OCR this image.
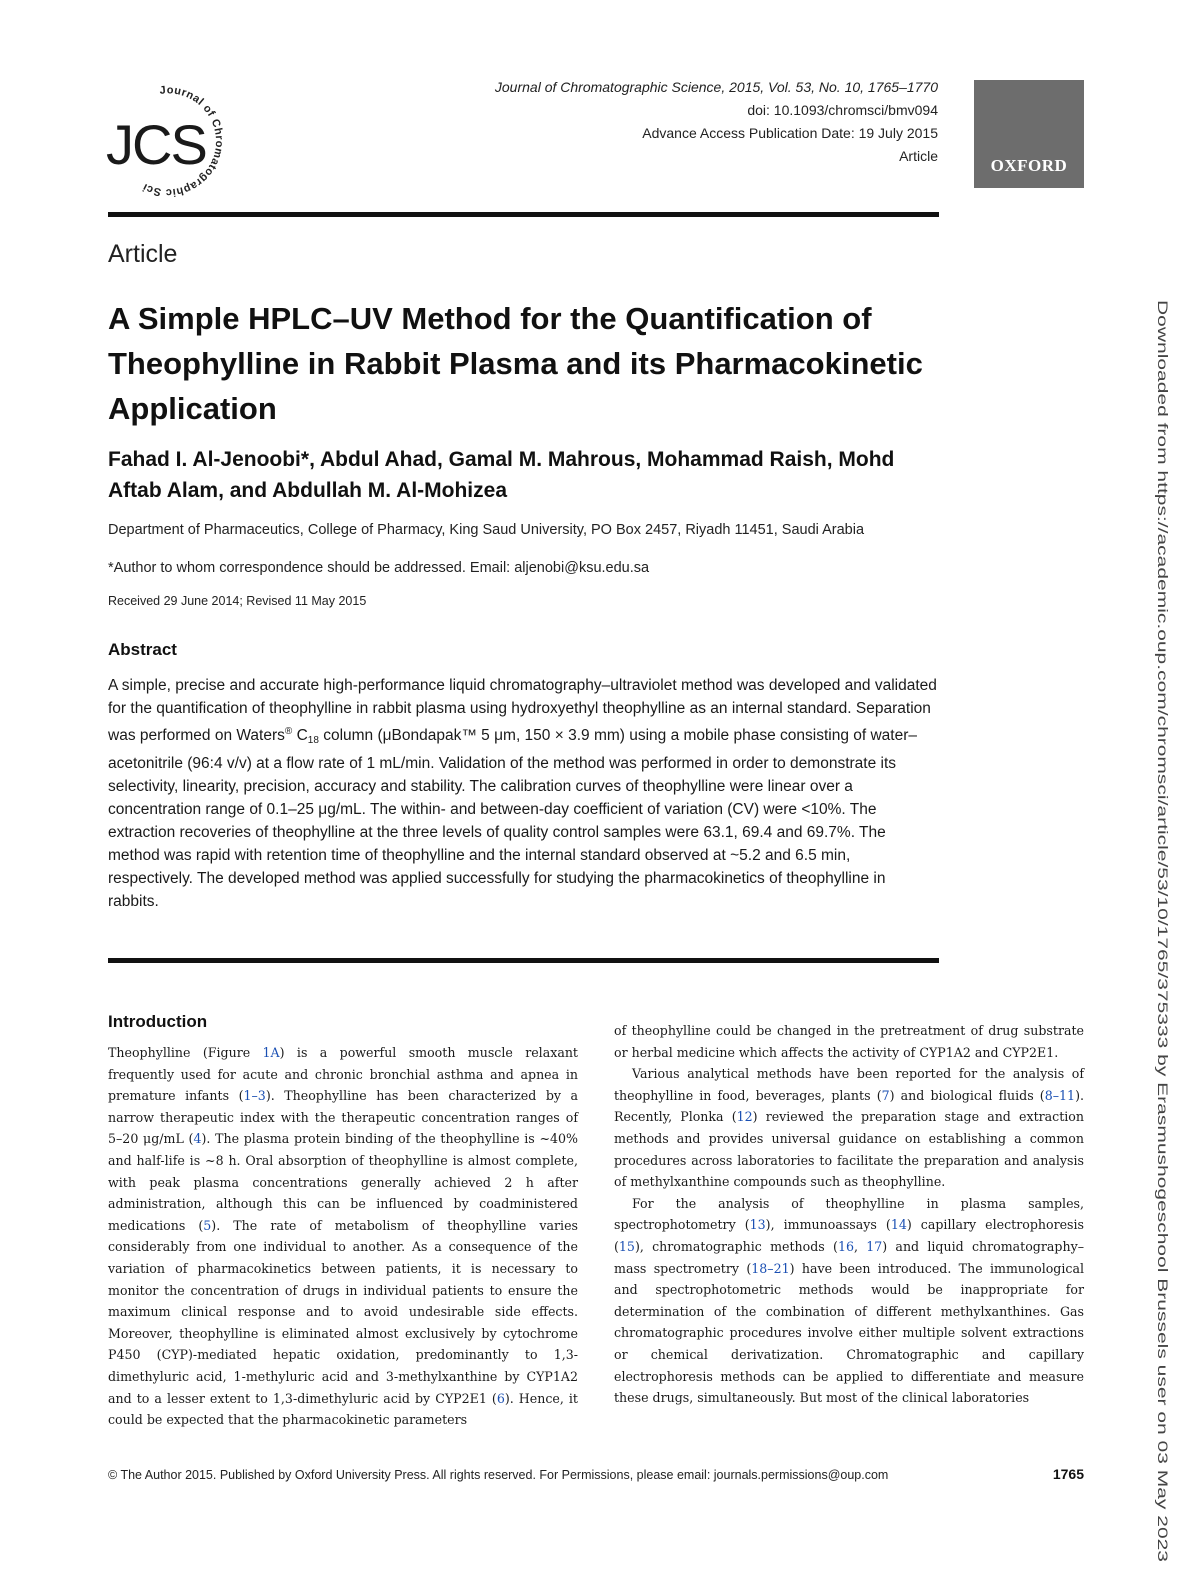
Journal of Chromatographic Sci
JCS
Journal of Chromatographic Science, 2015, Vol. 53, No. 10, 1765–1770
doi: 10.1093/chromsci/bmv094
Advance Access Publication Date: 19 July 2015
Article	OXFORD
Article
A Simple HPLC–UV Method for the Quantification of Theophylline in Rabbit Plasma and its Pharmacokinetic Application

Fahad I. Al-Jenoobi*, Abdul Ahad, Gamal M. Mahrous, Mohammad Raish, Mohd Aftab Alam, and Abdullah M. Al-Mohizea

Department of Pharmaceutics, College of Pharmacy, King Saud University, PO Box 2457, Riyadh 11451, Saudi Arabia
*Author to whom correspondence should be addressed. Email: aljenobi@ksu.edu.sa
Received 29 June 2014; Revised 11 May 2015
Abstract

A simple, precise and accurate high-performance liquid chromatography–ultraviolet method was developed and validated for the quantification of theophylline in rabbit plasma using hydroxyethyl theophylline as an internal standard. Separation was performed on Waters® $C_{18}$ column (μBondapak™ 5 μm, 150 × 3.9 mm) using a mobile phase consisting of water–acetonitrile (96:4 v/v) at a flow rate of 1 mL/min. Validation of the method was performed in order to demonstrate its selectivity, linearity, precision, accuracy and stability. The calibration curves of theophylline were linear over a concentration range of 0.1–25 μg/mL. The within- and between-day coefficient of variation (CV) were <10%. The extraction recoveries of theophylline at the three levels of quality control samples were 63.1, 69.4 and 69.7%. The method was rapid with retention time of theophylline and the internal standard observed at ~5.2 and 6.5 min, respectively. The developed method was applied successfully for studying the pharmacokinetics of theophylline in rabbits.

Introduction

Theophylline (Figure 1A) is a powerful smooth muscle relaxant frequently used for acute and chronic bronchial asthma and apnea in premature infants (1–3). Theophylline has been characterized by a narrow therapeutic index with the therapeutic concentration ranges of 5–20 μg/mL (4). The plasma protein binding of the theophylline is ~40% and half-life is ~8 h. Oral absorption of theophylline is almost complete, with peak plasma concentrations generally achieved 2 h after administration, although this can be influenced by coadministered medications (5). The rate of metabolism of theophylline varies considerably from one individual to another. As a consequence of the variation of pharmacokinetics between patients, it is necessary to monitor the concentration of drugs in individual patients to ensure the maximum clinical response and to avoid undesirable side effects. Moreover, theophylline is eliminated almost exclusively by cytochrome P450 (CYP)-mediated hepatic oxidation, predominantly to 1,3-dimethyluric acid, 1-methyluric acid and 3-methylxanthine by CYP1A2 and to a lesser extent to 1,3-dimethyluric acid by CYP2E1 (6). Hence, it could be expected that the pharmacokinetic parameters

of theophylline could be changed in the pretreatment of drug substrate or herbal medicine which affects the activity of CYP1A2 and CYP2E1.

Various analytical methods have been reported for the analysis of theophylline in food, beverages, plants (7) and biological fluids (8–11). Recently, Plonka (12) reviewed the preparation stage and extraction methods and provides universal guidance on establishing a common procedures across laboratories to facilitate the preparation and analysis of methylxanthine compounds such as theophylline.

For the analysis of theophylline in plasma samples, spectrophotometry (13), immunoassays (14) capillary electrophoresis (15), chromatographic methods (16, 17) and liquid chromatography–mass spectrometry (18–21) have been introduced. The immunological and spectrophotometric methods would be inappropriate for determination of the combination of different methylxanthines. Gas chromatographic procedures involve either multiple solvent extractions or chemical derivatization. Chromatographic and capillary electrophoresis methods can be applied to differentiate and measure these drugs, simultaneously. But most of the clinical laboratories

© The Author 2015. Published by Oxford University Press. All rights reserved. For Permissions, please email: journals.permissions@oup.com	1765
Downloaded from https://academic.oup.com/chromsci/article/53/10/1765/375333 by Erasmushogeschool Brussels user on 03 May 2023
